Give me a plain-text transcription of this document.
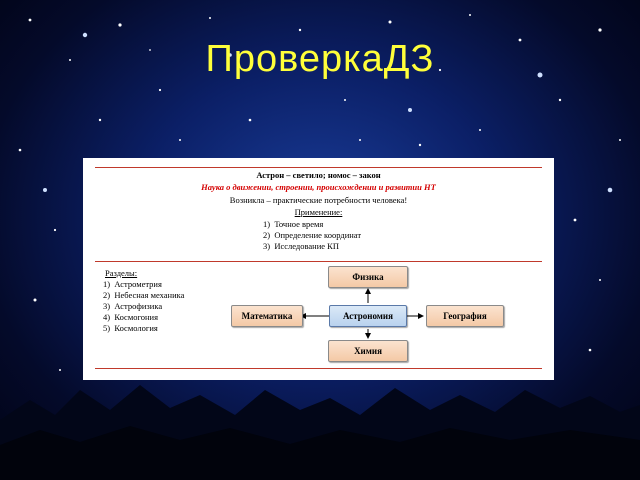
ПроверкаДЗ
Астрон – светило; номос – закон
Наука о движении, строении, происхождении и развитии НТ
Возникла – практические потребности человека!
Применение:
1)  Точное время
2)  Определение координат
3)  Исследование КП
Разделы:
1)  Астрометрия
2)  Небесная механика
3)  Астрофизика
4)  Космогония
5)  Космология
Физика
Математика	Астрономия	География
Химия
